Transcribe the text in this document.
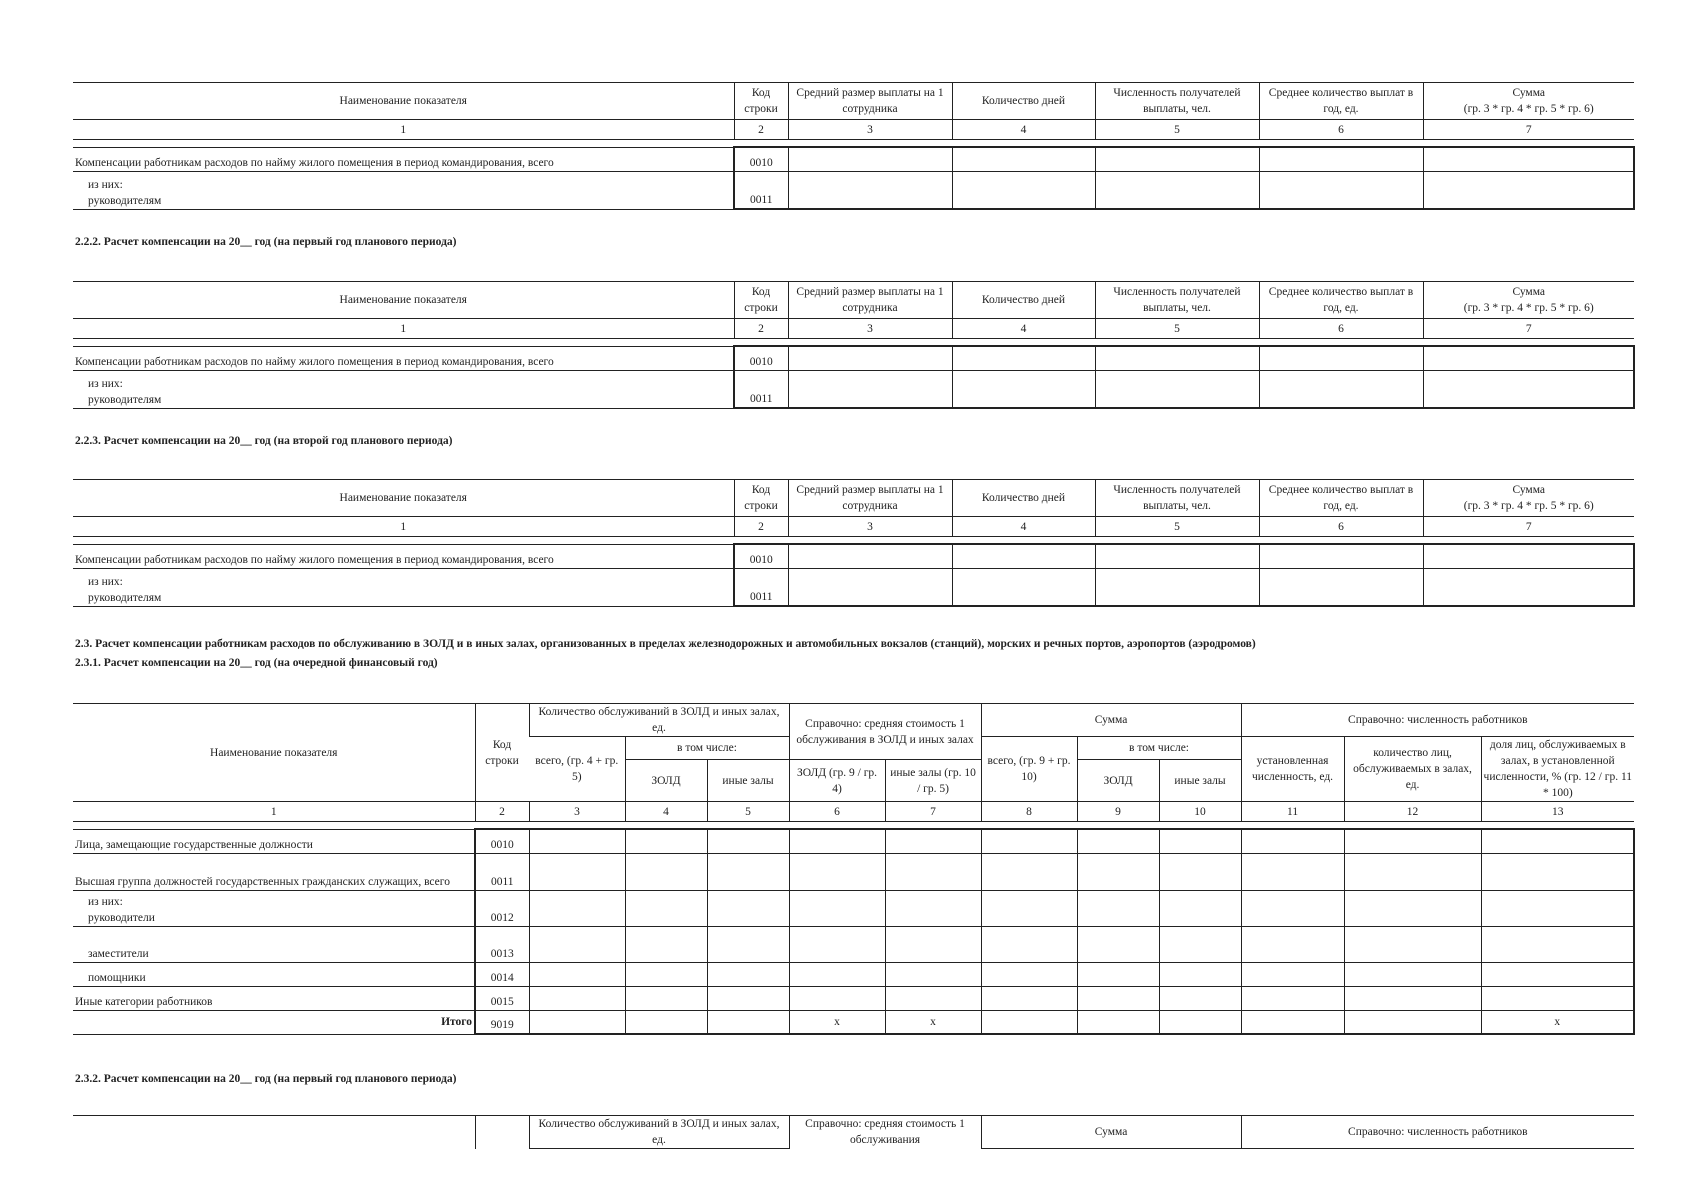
Наименование показателя	Код строки	Средний размер выплаты на 1 сотрудника	Количество дней	Численность получателей выплаты, чел.	Среднее количество выплат в год, ед.	Сумма
(гр. 3 * гр. 4 * гр. 5 * гр. 6)
1	2	3	4	5	6	7

Компенсации работникам расходов по найму жилого помещения в период командирования, всего	0010					
из них:
руководителям	0011					
2.2.2. Расчет компенсации на 20__ год (на первый год планового периода)
Наименование показателя	Код строки	Средний размер выплаты на 1 сотрудника	Количество дней	Численность получателей выплаты, чел.	Среднее количество выплат в год, ед.	Сумма
(гр. 3 * гр. 4 * гр. 5 * гр. 6)
1	2	3	4	5	6	7

Компенсации работникам расходов по найму жилого помещения в период командирования, всего	0010					
из них:
руководителям	0011					
2.2.3. Расчет компенсации на 20__ год (на второй год планового периода)
Наименование показателя	Код строки	Средний размер выплаты на 1 сотрудника	Количество дней	Численность получателей выплаты, чел.	Среднее количество выплат в год, ед.	Сумма
(гр. 3 * гр. 4 * гр. 5 * гр. 6)
1	2	3	4	5	6	7

Компенсации работникам расходов по найму жилого помещения в период командирования, всего	0010					
из них:
руководителям	0011					
2.3. Расчет компенсации работникам расходов по обслуживанию в ЗОЛД и в иных залах, организованных в пределах железнодорожных и автомобильных вокзалов (станций), морских и речных портов, аэропортов (аэродромов)
2.3.1. Расчет компенсации на 20__ год (на очередной финансовый год)
Наименование показателя	Код строки	Количество обслуживаний в ЗОЛД и иных залах, ед.			Справочно: средняя стоимость 1 обслуживания в ЗОЛД и иных залах		Сумма			Справочно: численность работников		
		всего, (гр. 4 + гр. 5)	в том числе:				всего, (гр. 9 + гр. 10)	в том числе:		установленная численность, ед.	количество лиц, обслуживаемых в залах, ед.	доля лиц, обслуживаемых в залах, в установленной численности, % (гр. 12 / гр. 11 * 100)
			ЗОЛД	иные залы	ЗОЛД (гр. 9 / гр. 4)	иные залы (гр. 10 / гр. 5)		ЗОЛД	иные залы			
1	2	3	4	5	6	7	8	9	10	11	12	13

Лица, замещающие государственные должности	0010											
Высшая группа должностей государственных гражданских служащих, всего	0011											
из них:
руководители	0012											
заместители	0013											
помощники	0014											
Иные категории работников	0015											
Итого	9019				x	x						x
2.3.2. Расчет компенсации на 20__ год (на первый год планового периода)
		Количество обслуживаний в ЗОЛД и иных залах, ед.	Справочно: средняя стоимость 1 обслуживания	Сумма	Справочно: численность работников
